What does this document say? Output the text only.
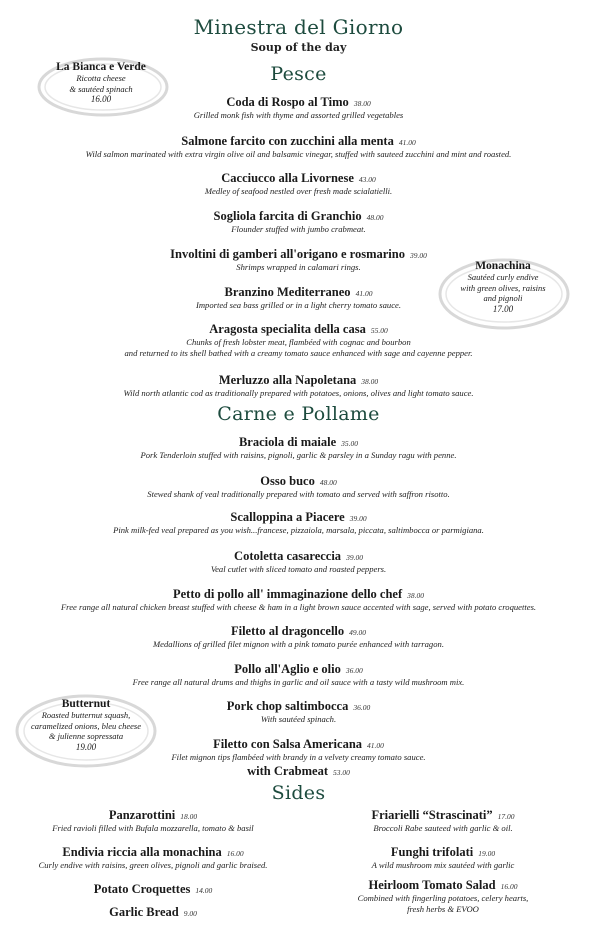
Minestra del Giorno
Soup of the day
La Bianca e Verde
Ricotta cheese
& sautéed spinach
16.00
Monachina
Sautéed curly endive
with green olives, raisins
and pignoli
17.00
Butternut
Roasted butternut squash,
caramelized onions, bleu cheese
& julienne sopressata
19.00
Pesce
Carne e Pollame
Sides
Coda di Rospo al Timo 38.00
Grilled monk fish with thyme and assorted grilled vegetables
Salmone farcito con zucchini alla menta 41.00
Wild salmon marinated with extra virgin olive oil and balsamic vinegar, stuffed with sauteed zucchini and mint and roasted.
Cacciucco alla Livornese 43.00
Medley of seafood nestled over fresh made scialatielli.
Sogliola farcita di Granchio 48.00
Flounder stuffed with jumbo crabmeat.
Involtini di gamberi all'origano e rosmarino 39.00
Shrimps wrapped in calamari rings.
Branzino Mediterraneo 41.00
Imported sea bass grilled or in a light cherry tomato sauce.
Aragosta specialita della casa 55.00
Chunks of fresh lobster meat, flambéed with cognac and bourbon
and returned to its shell bathed with a creamy tomato sauce enhanced with sage and cayenne pepper.
Merluzzo alla Napoletana 38.00
Wild north atlantic cod as traditionally prepared with potatoes, onions, olives and light tomato sauce.
Braciola di maiale 35.00
Pork Tenderloin stuffed with raisins, pignoli, garlic & parsley in a Sunday ragu with penne.
Osso buco 48.00
Stewed shank of veal traditionally prepared with tomato and served with saffron risotto.
Scalloppina a Piacere 39.00
Pink milk-fed veal prepared as you wish...francese, pizzaiola, marsala, piccata, saltimbocca or parmigiana.
Cotoletta casareccia 39.00
Veal cutlet with sliced tomato and roasted peppers.
Petto di pollo all' immaginazione dello chef 38.00
Free range all natural chicken breast stuffed with cheese & ham in a light brown sauce accented with sage, served with potato croquettes.
Filetto al dragoncello 49.00
Medallions of grilled filet mignon with a pink tomato purée enhanced with tarragon.
Pollo all'Aglio e olio 36.00
Free range all natural drums and thighs in garlic and oil sauce with a tasty wild mushroom mix.
Pork chop saltimbocca 36.00
With sautéed spinach.
Filetto con Salsa Americana 41.00
Filet mignon tips flambéed with brandy in a velvety creamy tomato sauce.
with Crabmeat 53.00
Panzarottini 18.00
Fried ravioli filled with Bufala mozzarella, tomato & basil
Endivia riccia alla monachina 16.00
Curly endive with raisins, green olives, pignoli and garlic braised.
Potato Croquettes 14.00
Garlic Bread 9.00
Friarielli “Strascinati” 17.00
Broccoli Rabe sauteed with garlic & oil.
Funghi trifolati 19.00
A wild mushroom mix sautéed with garlic
Heirloom Tomato Salad 16.00
Combined with fingerling potatoes, celery hearts,
fresh herbs & EVOO
